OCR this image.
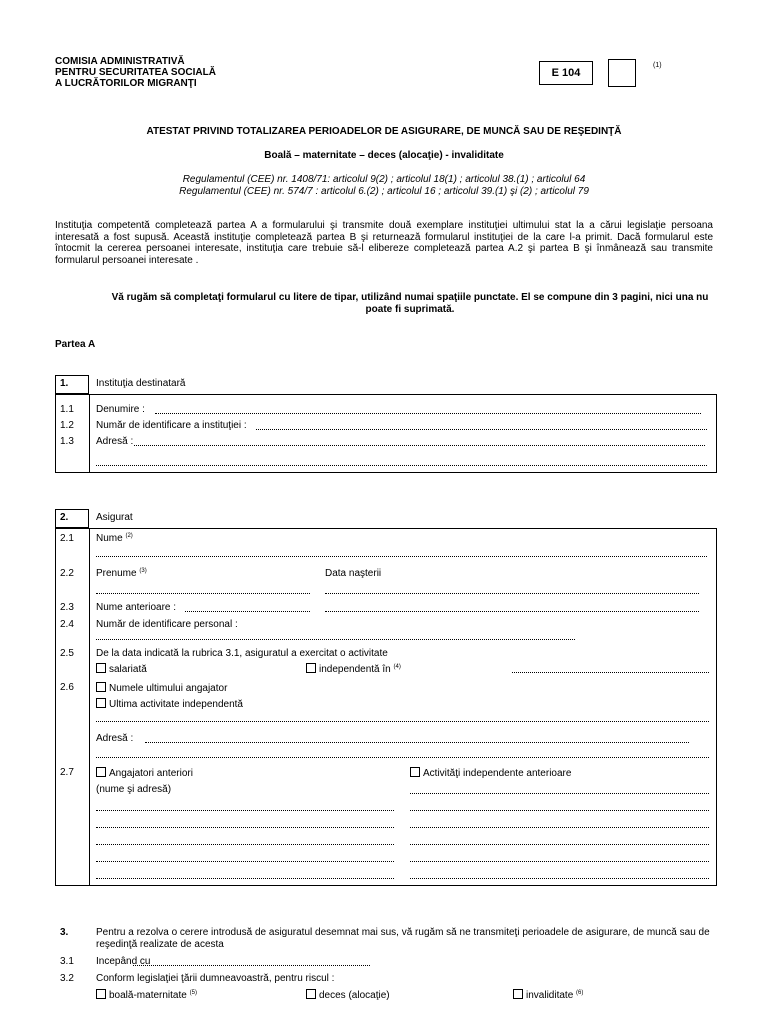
COMISIA ADMINISTRATIVĂ
PENTRU SECURITATEA SOCIALĂ
A LUCRĂTORILOR MIGRANŢI
E 104
(1)
ATESTAT PRIVIND TOTALIZAREA PERIOADELOR DE ASIGURARE, DE MUNCĂ SAU DE REŞEDINŢĂ
Boală – maternitate – deces (alocaţie) - invaliditate
Regulamentul (CEE) nr. 1408/71: articolul 9(2) ; articolul 18(1) ; articolul 38.(1) ; articolul 64
Regulamentul (CEE) nr. 574/7 : articolul 6.(2) ; articolul 16 ; articolul 39.(1) şi (2) ; articolul 79
Instituţia competentă completează partea A a formularului şi transmite două exemplare instituţiei ultimului stat la a cărui legislaţie persoana interesată a fost supusă. Această instituţie completează partea B şi returnează formularul instituţiei de la care l-a primit. Dacă formularul este întocmit la cererea persoanei interesate, instituţia care trebuie să-l elibereze completează partea A.2 şi partea B şi înmânează sau transmite formularul persoanei interesate .
Vă rugăm să completaţi formularul cu litere de tipar, utilizând numai spaţiile punctate. El se compune din 3 pagini, nici una nu poate fi suprimată.
Partea A
1.	Instituţia destinatară
1.1 Denumire :
1.2 Număr de identificare a instituţiei :
1.3 Adresă :
2.	Asigurat
2.1 Nume $^{(2)}$
2.2 Prenume $^{(3)}$	Data naşterii
2.3 Nume anterioare :
2.4 Număr de identificare personal :
2.5 De la data indicată la rubrica 3.1, asiguratul a exercitat o activitate
salariată	independentă în $^{(4)}$
2.6	Numele ultimului angajator
Ultima activitate independentă
Adresă :
2.7	Angajatori anteriori	Activităţi independente anterioare
(nume şi adresă)
3.	Pentru a rezolva o cerere introdusă de asiguratul desemnat mai sus, vă rugăm să ne transmiteţi perioadele de asigurare, de muncă sau de reşedinţă realizate de acesta
3.1 Incepând cu
3.2 Conform legislaţiei ţării dumneavoastră, pentru riscul :
boală-maternitate $^{(5)}$	deces (alocaţie)	invaliditate $^{(6)}$
